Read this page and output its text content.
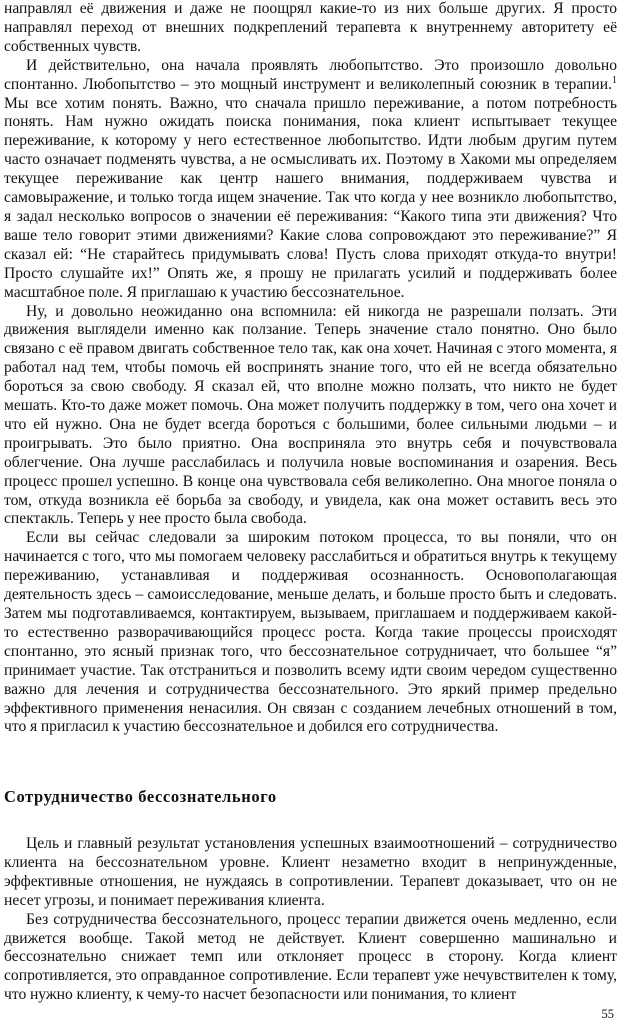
направлял её движения и даже не поощрял какие-то из них больше других. Я просто направлял переход от внешних подкреплений терапевта к внутреннему авторитету её собственных чувств.

И действительно, она начала проявлять любопытство. Это произошло довольно спонтанно. Любопытство – это мощный инструмент и великолепный союзник в терапии.$^1$ Мы все хотим понять. Важно, что сначала пришло переживание, а потом потребность понять. Нам нужно ожидать поиска понимания, пока клиент испытывает текущее переживание, к которому у него естественное любопытство. Идти любым другим путем часто означает подменять чувства, а не осмысливать их. Поэтому в Хакоми мы определяем текущее переживание как центр нашего внимания, поддерживаем чувства и самовыражение, и только тогда ищем значение. Так что когда у нее возникло любопытство, я задал несколько вопросов о значении её переживания: “Какого типа эти движения? Что ваше тело говорит этими движениями? Какие слова сопровождают это переживание?” Я сказал ей: “Не старайтесь придумывать слова! Пусть слова приходят откуда-то внутри! Просто слушайте их!” Опять же, я прошу не прилагать усилий и поддерживать более масштабное поле. Я приглашаю к участию бессознательное.

Ну, и довольно неожиданно она вспомнила: ей никогда не разрешали ползать. Эти движения выглядели именно как ползание. Теперь значение стало понятно. Оно было связано с её правом двигать собственное тело так, как она хочет. Начиная с этого момента, я работал над тем, чтобы помочь ей воспринять знание того, что ей не всегда обязательно бороться за свою свободу. Я сказал ей, что вполне можно ползать, что никто не будет мешать. Кто-то даже может помочь. Она может получить поддержку в том, чего она хочет и что ей нужно. Она не будет всегда бороться с большими, более сильными людьми – и проигрывать. Это было приятно. Она восприняла это внутрь себя и почувствовала облегчение. Она лучше расслабилась и получила новые воспоминания и озарения. Весь процесс прошел успешно. В конце она чувствовала себя великолепно. Она многое поняла о том, откуда возникла её борьба за свободу, и увидела, как она может оставить весь это спектакль. Теперь у нее просто была свобода.

Если вы сейчас следовали за широким потоком процесса, то вы поняли, что он начинается с того, что мы помогаем человеку расслабиться и обратиться внутрь к текущему переживанию, устанавливая и поддерживая осознанность. Основополагающая деятельность здесь – самоисследование, меньше делать, и больше просто быть и следовать. Затем мы подготавливаемся, контактируем, вызываем, приглашаем и поддерживаем какой-то естественно разворачивающийся процесс роста. Когда такие процессы происходят спонтанно, это ясный признак того, что бессознательное сотрудничает, что большее “я” принимает участие. Так отстраниться и позволить всему идти своим чередом существенно важно для лечения и сотрудничества бессознательного. Это яркий пример предельно эффективного применения ненасилия. Он связан с созданием лечебных отношений в том, что я пригласил к участию бессознательное и добился его сотрудничества.

Сотрудничество бессознательного

Цель и главный результат установления успешных взаимоотношений – сотрудничество клиента на бессознательном уровне. Клиент незаметно входит в непринужденные, эффективные отношения, не нуждаясь в сопротивлении. Терапевт доказывает, что он не несет угрозы, и понимает переживания клиента.

Без сотрудничества бессознательного, процесс терапии движется очень медленно, если движется вообще. Такой метод не действует. Клиент совершенно машинально и бессознательно снижает темп или отклоняет процесс в сторону. Когда клиент сопротивляется, это оправданное сопротивление. Если терапевт уже нечувствителен к тому, что нужно клиенту, к чему-то насчет безопасности или понимания, то клиент

55
